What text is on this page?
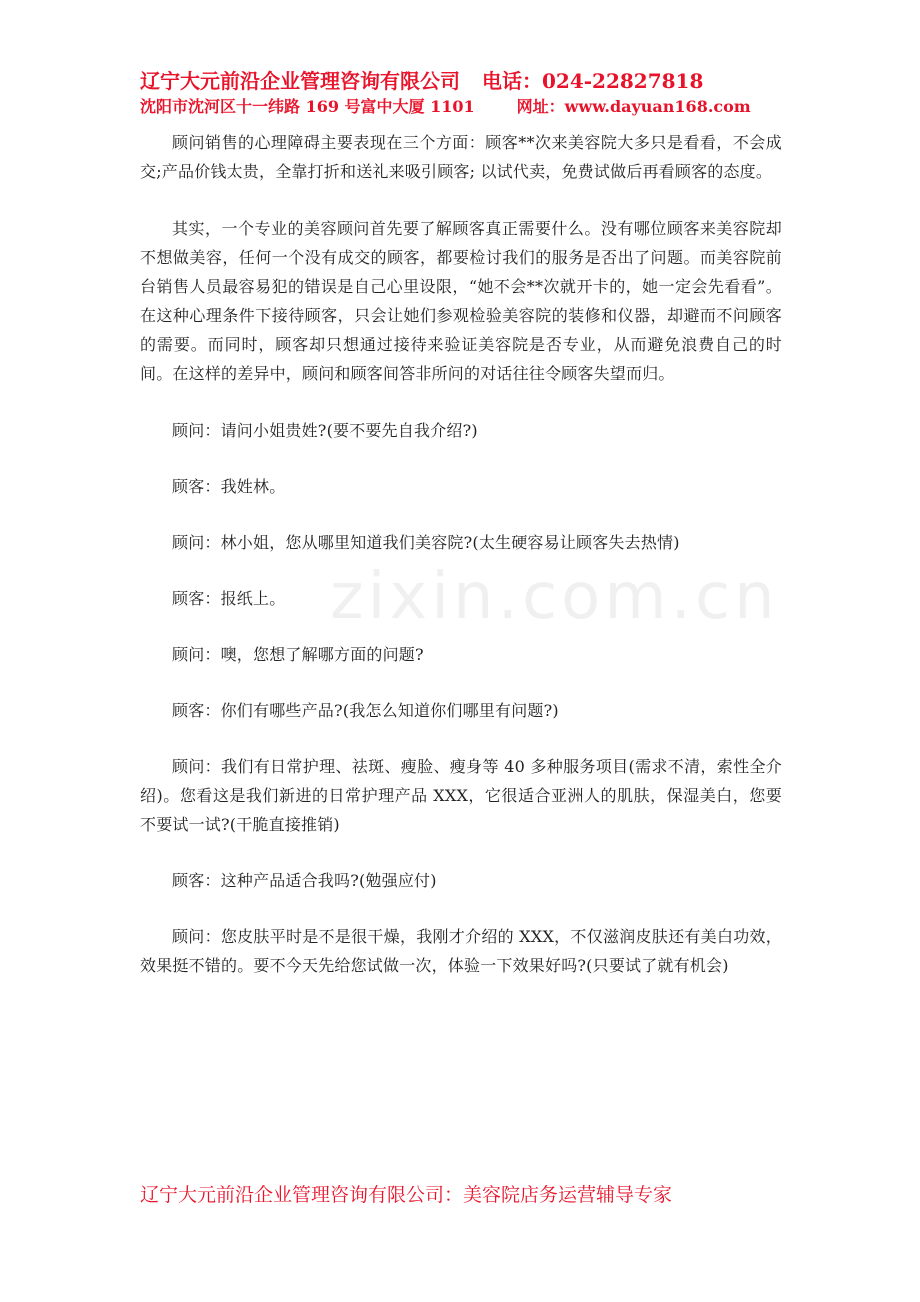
辽宁大元前沿企业管理咨询有限公司 电话：024-22827818
沈阳市沈河区十一纬路 169 号富中大厦 1101	网址：www.dayuan168.com
zixin.com.cn

顾问销售的心理障碍主要表现在三个方面：顾客**次来美容院大多只是看看，不会成交;产品价钱太贵，全靠打折和送礼来吸引顾客; 以试代卖，免费试做后再看顾客的态度。

其实，一个专业的美容顾问首先要了解顾客真正需要什么。没有哪位顾客来美容院却不想做美容，任何一个没有成交的顾客，都要检讨我们的服务是否出了问题。而美容院前台销售人员最容易犯的错误是自己心里设限，“她不会**次就开卡的，她一定会先看看”。在这种心理条件下接待顾客，只会让她们参观检验美容院的装修和仪器，却避而不问顾客的需要。而同时，顾客却只想通过接待来验证美容院是否专业，从而避免浪费自己的时间。在这样的差异中，顾问和顾客间答非所问的对话往往令顾客失望而归。

顾问：请问小姐贵姓?(要不要先自我介绍?)

顾客：我姓林。

顾问：林小姐，您从哪里知道我们美容院?(太生硬容易让顾客失去热情)

顾客：报纸上。

顾问：噢，您想了解哪方面的问题?

顾客：你们有哪些产品?(我怎么知道你们哪里有问题?)

顾问：我们有日常护理、祛斑、瘦脸、瘦身等 40 多种服务项目(需求不清，索性全介绍)。您看这是我们新进的日常护理产品 XXX，它很适合亚洲人的肌肤，保湿美白，您要不要试一试?(干脆直接推销)

顾客：这种产品适合我吗?(勉强应付)

顾问：您皮肤平时是不是很干燥，我刚才介绍的 XXX，不仅滋润皮肤还有美白功效，效果挺不错的。要不今天先给您试做一次，体验一下效果好吗?(只要试了就有机会)

辽宁大元前沿企业管理咨询有限公司：美容院店务运营辅导专家
